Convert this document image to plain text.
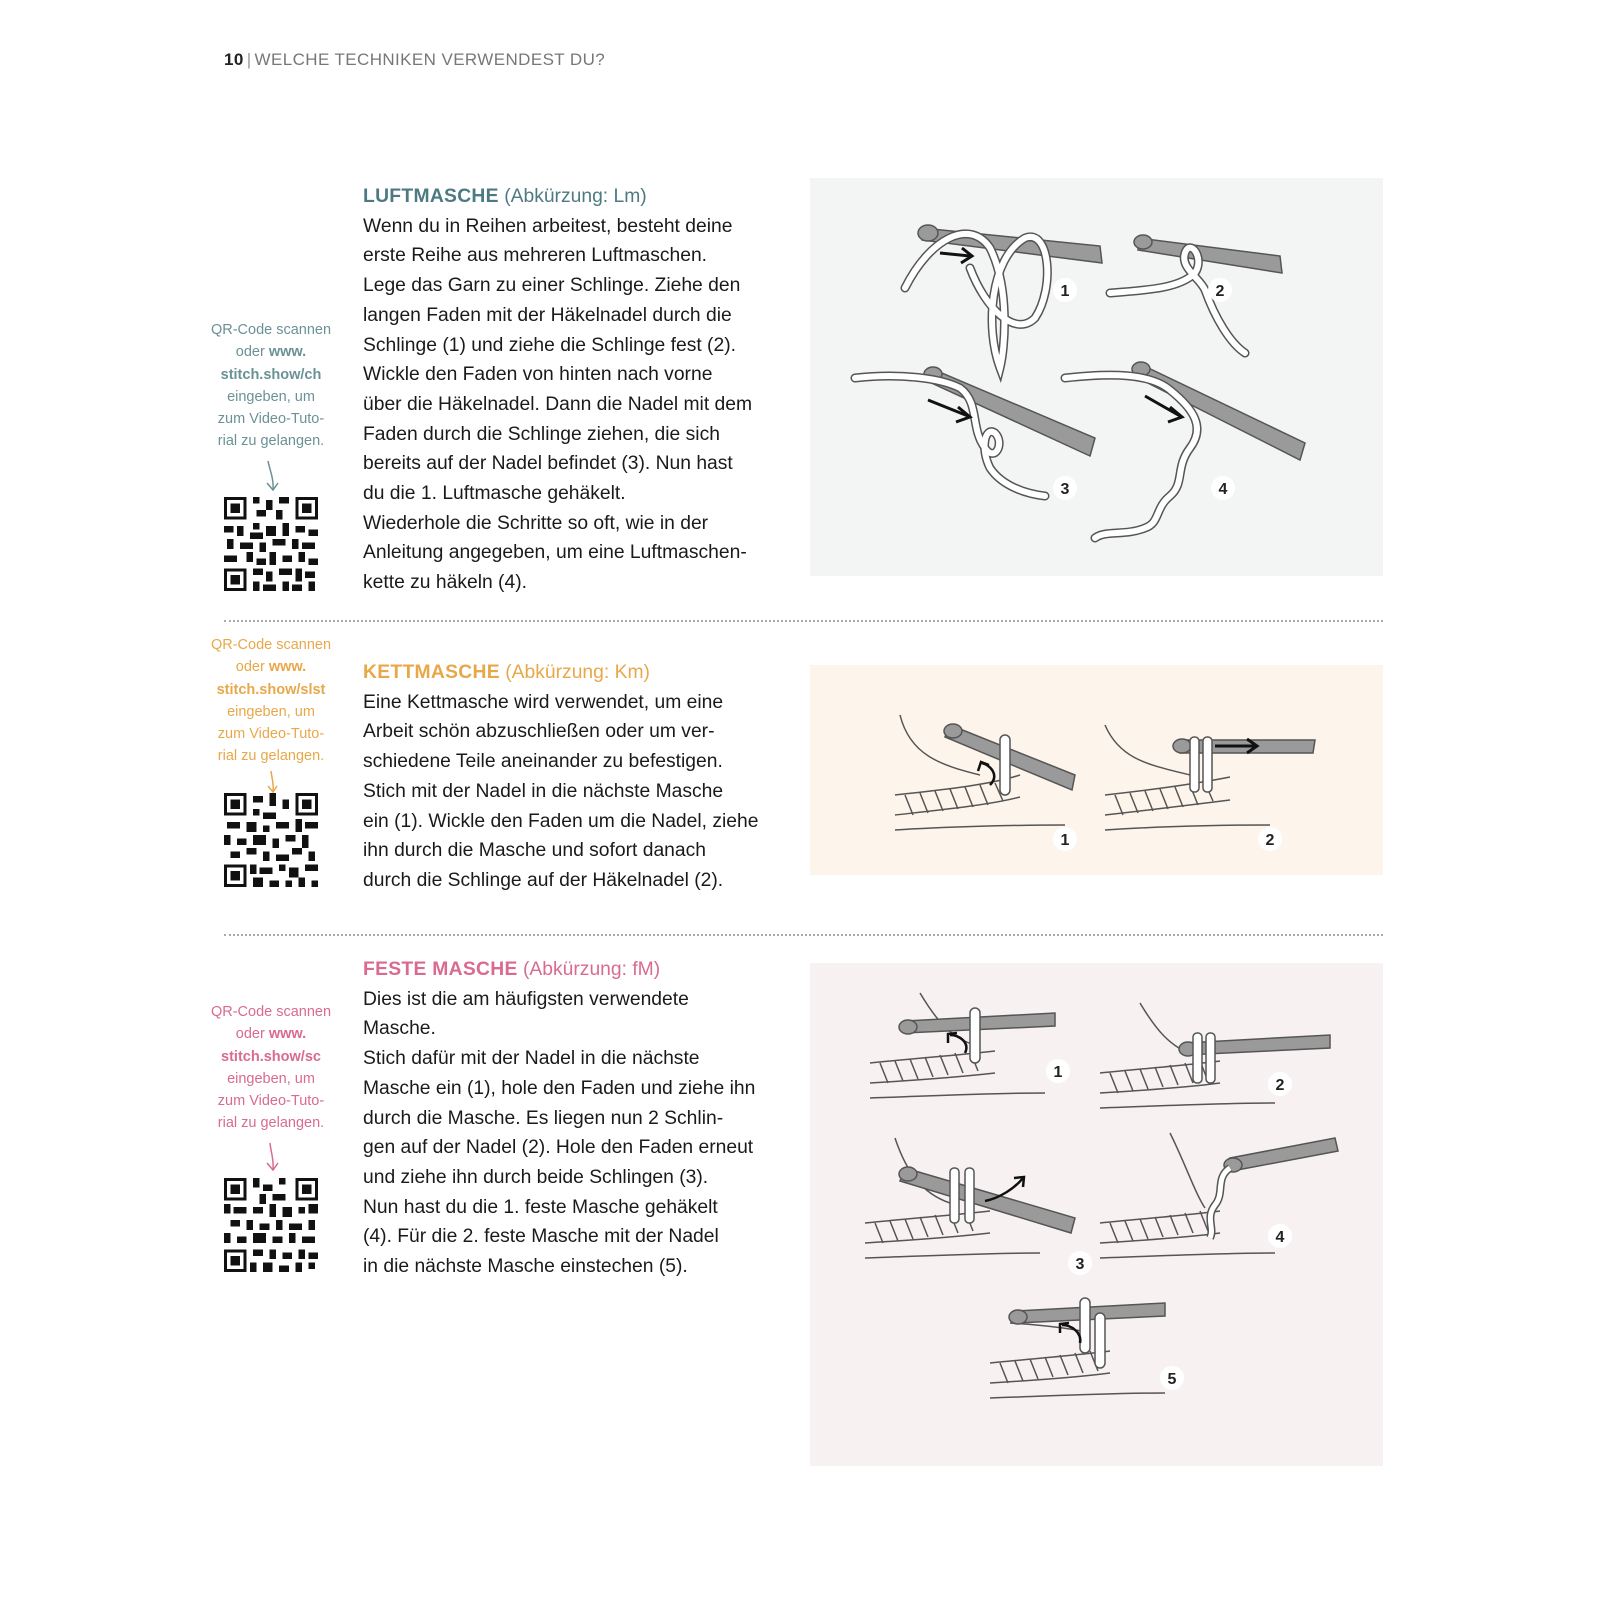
10 | WELCHE TECHNIKEN VERWENDEST DU?
QR-Code scannen
oder www.
stitch.show/ch
eingeben, um
zum Video-Tuto-
rial zu gelangen.
LUFTMASCHE (Abkürzung: Lm)
Wenn du in Reihen arbeitest, besteht deine
erste Reihe aus mehreren Luftmaschen.
Lege das Garn zu einer Schlinge. Ziehe den
langen Faden mit der Häkelnadel durch die
Schlinge (1) und ziehe die Schlinge fest (2).
Wickle den Faden von hinten nach vorne
über die Häkelnadel. Dann die Nadel mit dem
Faden durch die Schlinge ziehen, die sich
bereits auf der Nadel befindet (3). Nun hast
du die 1. Luftmasche gehäkelt.
Wiederhole die Schritte so oft, wie in der
Anleitung angegeben, um eine Luftmaschen-
kette zu häkeln (4).
1	2
3	4
QR-Code scannen
oder www.
stitch.show/slst
eingeben, um
zum Video-Tuto-
rial zu gelangen.
KETTMASCHE (Abkürzung: Km)
Eine Kettmasche wird verwendet, um eine
Arbeit schön abzuschließen oder um ver-
schiedene Teile aneinander zu befestigen.
Stich mit der Nadel in die nächste Masche
ein (1). Wickle den Faden um die Nadel, ziehe
ihn durch die Masche und sofort danach
durch die Schlinge auf der Häkelnadel (2).
1	2
QR-Code scannen
oder www.
stitch.show/sc
eingeben, um
zum Video-Tuto-
rial zu gelangen.
FESTE MASCHE (Abkürzung: fM)
Dies ist die am häufigsten verwendete
Masche.
Stich dafür mit der Nadel in die nächste
Masche ein (1), hole den Faden und ziehe ihn
durch die Masche. Es liegen nun 2 Schlin-
gen auf der Nadel (2). Hole den Faden erneut
und ziehe ihn durch beide Schlingen (3).
Nun hast du die 1. feste Masche gehäkelt
(4). Für die 2. feste Masche mit der Nadel
in die nächste Masche einstechen (5).
1
2
3
4
5
